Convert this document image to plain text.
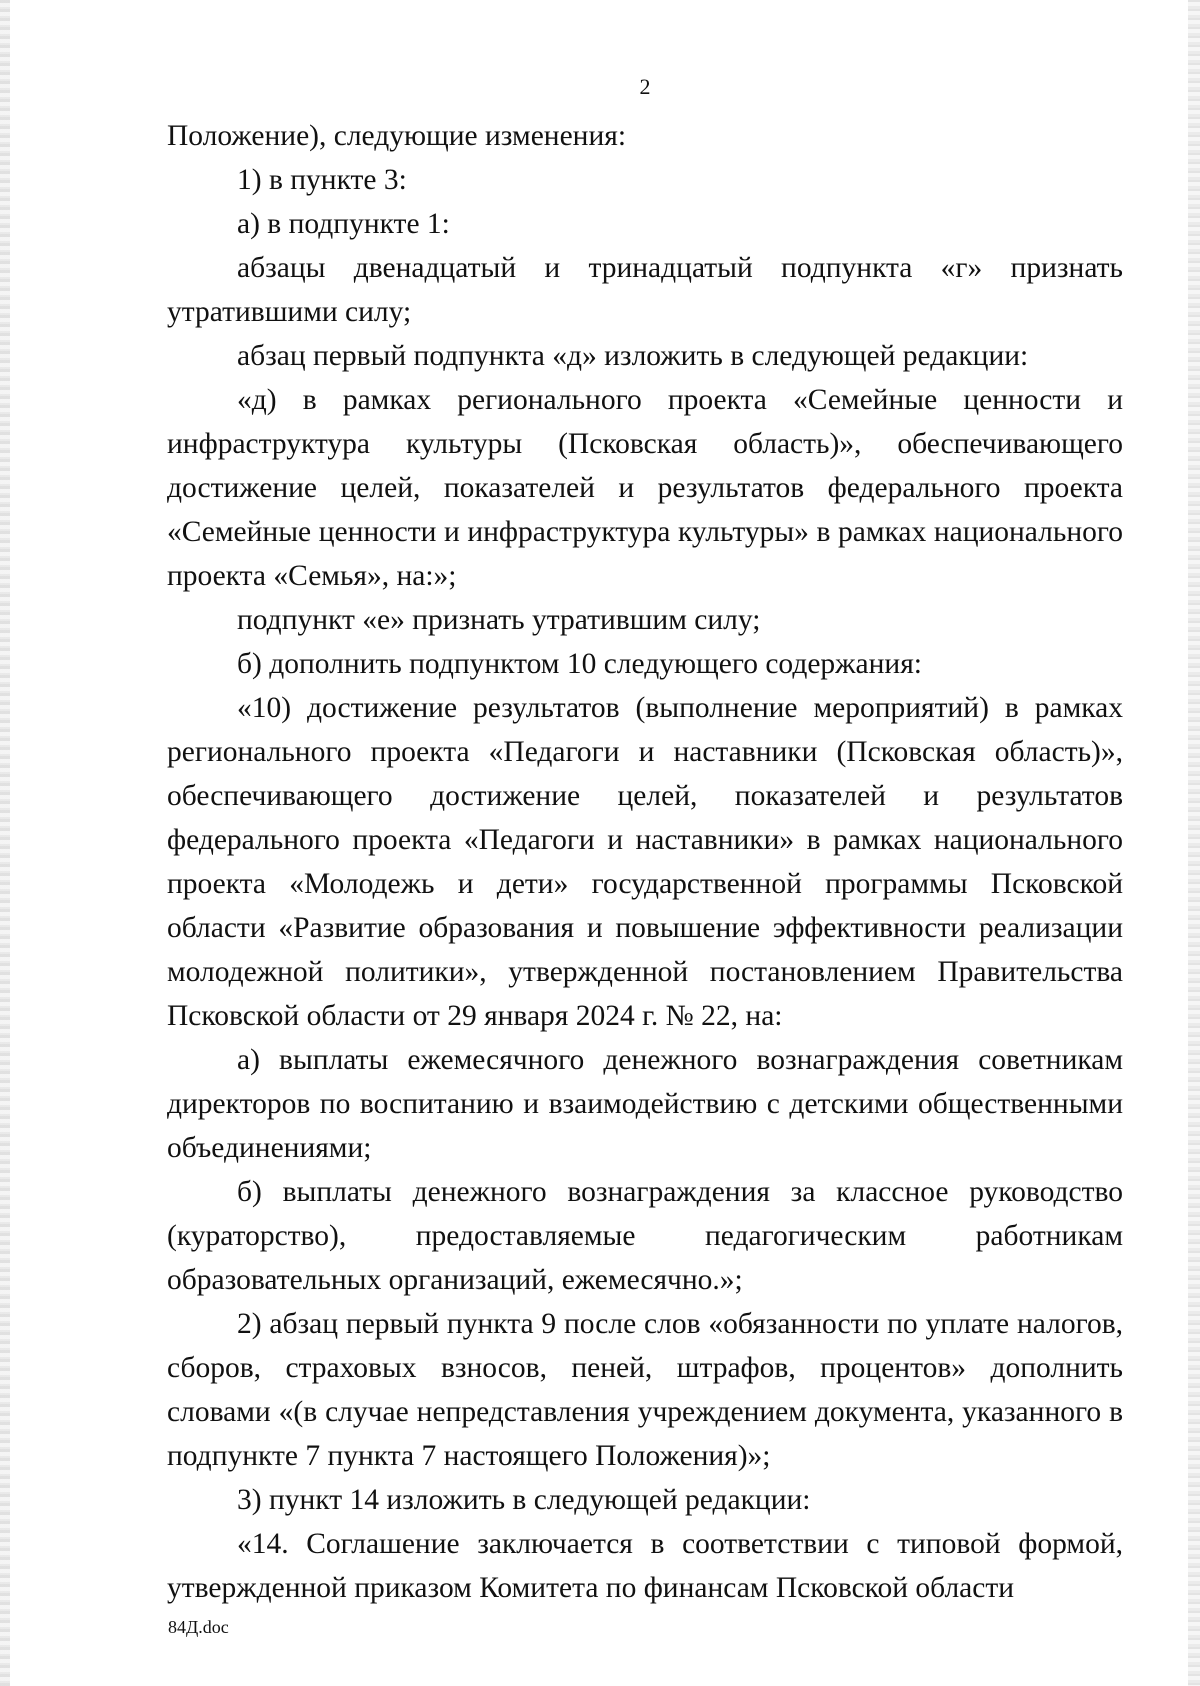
2

Положение), следующие изменения:

1) в пункте 3:

а) в подпункте 1:

абзацы двенадцатый и тринадцатый подпункта «г» признать утратившими силу;

абзац первый подпункта «д» изложить в следующей редакции:

«д) в рамках регионального проекта «Семейные ценности и инфраструктура культуры (Псковская область)», обеспечивающего достижение целей, показателей и результатов федерального проекта «Семейные ценности и инфраструктура культуры» в рамках национального проекта «Семья», на:»;

подпункт «е» признать утратившим силу;

б) дополнить подпунктом 10 следующего содержания:

«10) достижение результатов (выполнение мероприятий) в рамках регионального проекта «Педагоги и наставники (Псковская область)», обеспечивающего достижение целей, показателей и результатов федерального проекта «Педагоги и наставники» в рамках национального проекта «Молодежь и дети» государственной программы Псковской области «Развитие образования и повышение эффективности реализации молодежной политики», утвержденной постановлением Правительства Псковской области от 29 января 2024 г. № 22, на:

а) выплаты ежемесячного денежного вознаграждения советникам директоров по воспитанию и взаимодействию с детскими общественными объединениями;

б) выплаты денежного вознаграждения за классное руководство (кураторство), предоставляемые педагогическим работникам образовательных организаций, ежемесячно.»;

2) абзац первый пункта 9 после слов «обязанности по уплате налогов, сборов, страховых взносов, пеней, штрафов, процентов» дополнить словами «(в случае непредставления учреждением документа, указанного в подпункте 7 пункта 7 настоящего Положения)»;

3) пункт 14 изложить в следующей редакции:

«14. Соглашение заключается в соответствии с типовой формой, утвержденной приказом Комитета по финансам Псковской области

84Д.doc
